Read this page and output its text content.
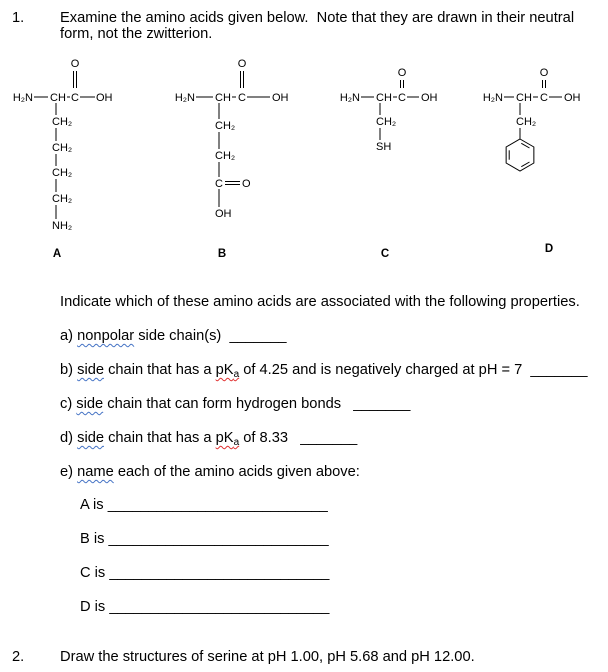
H₂N CH C OH
O
CH₂
CH₂
CH₂
CH₂
NH₂
A
H₂N CH C OH
O
CH₂
CH₂
C O
OH
B
H₂N CH C OH
O
CH₂
SH
C
H₂N CH C OH
O
CH₂
D
1. Examine the amino acids given below.  Note that they are drawn in their neutral
form, not the zwitterion.
Indicate which of these amino acids are associated with the following properties.
a) nonpolar side chain(s)  _______
b) side chain that has a $pK_a$ of 4.25 and is negatively charged at pH = 7  _______
c) side chain that can form hydrogen bonds   _______
d) side chain that has a $pK_a$ of 8.33   _______
e) name each of the amino acids given above:
A is ___________________________
B is ___________________________
C is ___________________________
D is ___________________________
2. Draw the structures of serine at pH 1.00, pH 5.68 and pH 12.00.
